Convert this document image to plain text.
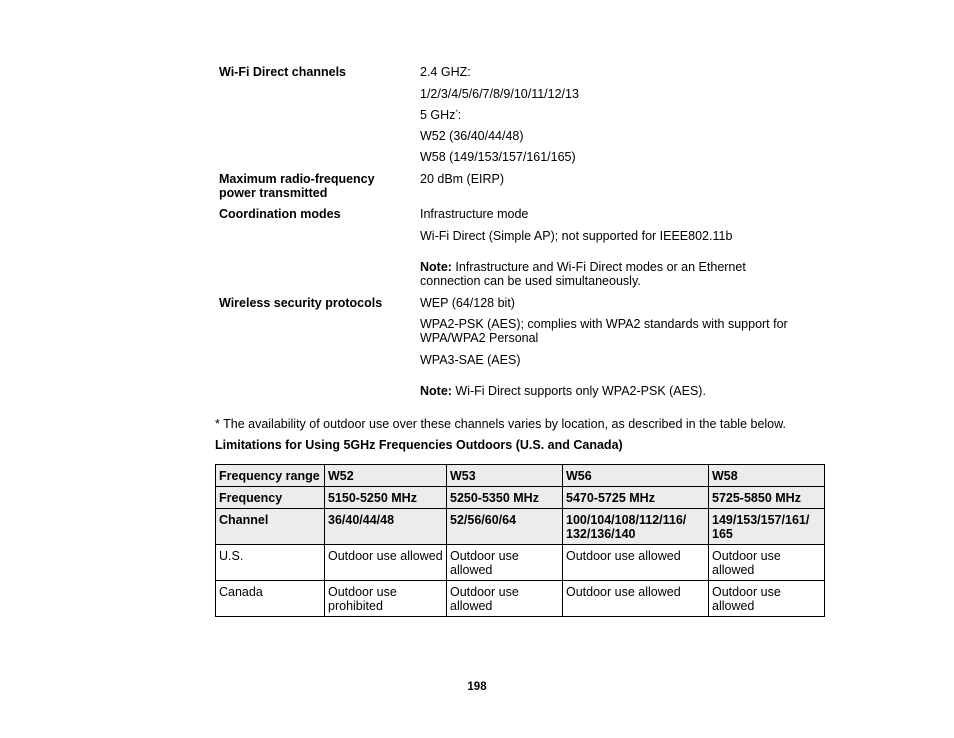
Wi-Fi Direct channels	2.4 GHZ:
1/2/3/4/5/6/7/8/9/10/11/12/13
5 GHz*:
W52 (36/40/44/48)
W58 (149/153/157/161/165)
Maximum radio-frequency
power transmitted
20 dBm (EIRP)
Coordination modes	Infrastructure mode
Wi-Fi Direct (Simple AP); not supported for IEEE802.11b
Note: Infrastructure and Wi-Fi Direct modes or an Ethernet
connection can be used simultaneously.
Wireless security protocols	WEP (64/128 bit)
WPA2-PSK (AES); complies with WPA2 standards with support for
WPA/WPA2 Personal
WPA3-SAE (AES)
Note: Wi-Fi Direct supports only WPA2-PSK (AES).
* The availability of outdoor use over these channels varies by location, as described in the table below.
Limitations for Using 5GHz Frequencies Outdoors (U.S. and Canada)
Frequency range	W52	W53	W56	W58
Frequency	5150-5250 MHz	5250-5350 MHz	5470-5725 MHz	5725-5850 MHz
Channel	36/40/44/48	52/56/60/64	100/104/108/112/116/ 132/136/140	149/153/157/161/ 165
U.S.	Outdoor use allowed	Outdoor use allowed	Outdoor use allowed	Outdoor use allowed
Canada	Outdoor use prohibited	Outdoor use allowed	Outdoor use allowed	Outdoor use allowed
198
